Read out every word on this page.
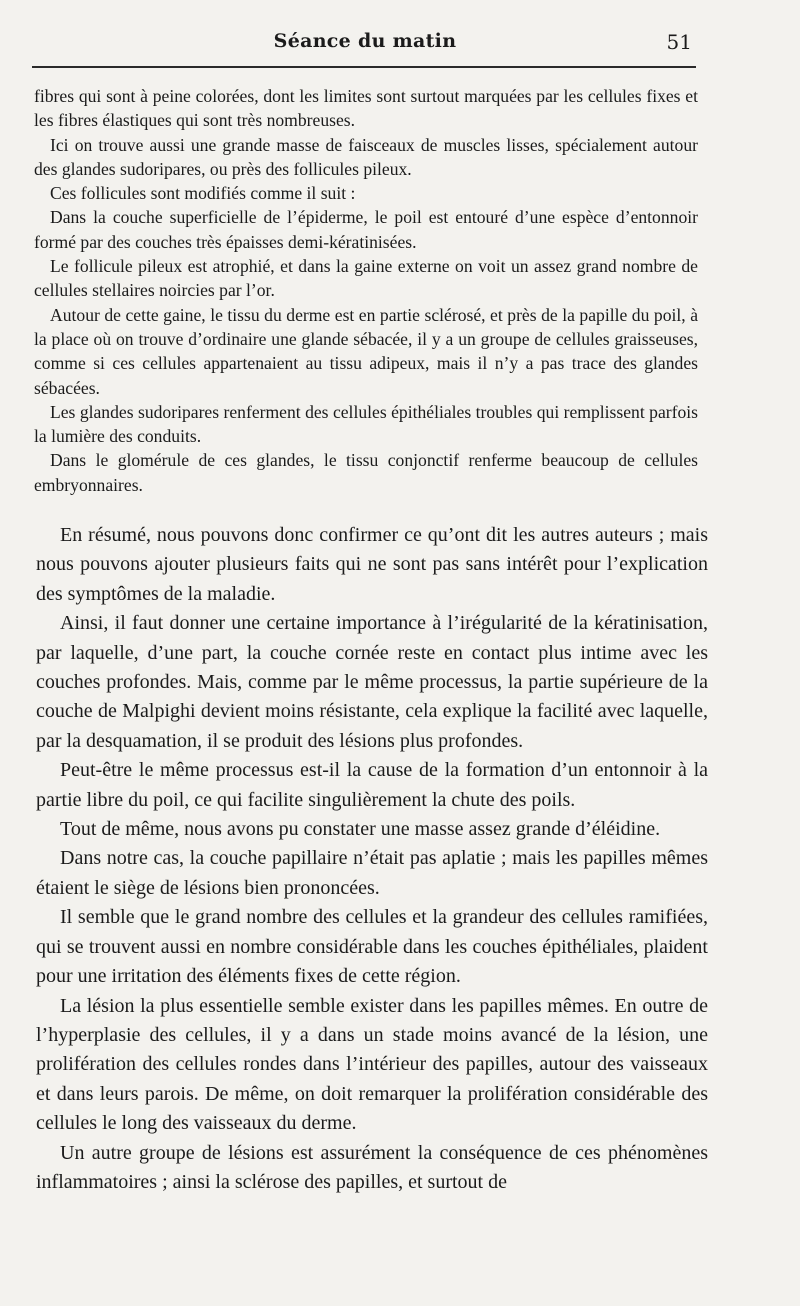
Séance du matin	51

fibres qui sont à peine colorées, dont les limites sont surtout marquées par les cellules fixes et les fibres élastiques qui sont très nombreuses.

Ici on trouve aussi une grande masse de faisceaux de muscles lisses, spécialement autour des glandes sudoripares, ou près des follicules pileux.

Ces follicules sont modifiés comme il suit :

Dans la couche superficielle de l’épiderme, le poil est entouré d’une espèce d’entonnoir formé par des couches très épaisses demi-kératinisées.

Le follicule pileux est atrophié, et dans la gaine externe on voit un assez grand nombre de cellules stellaires noircies par l’or.

Autour de cette gaine, le tissu du derme est en partie sclérosé, et près de la papille du poil, à la place où on trouve d’ordinaire une glande sébacée, il y a un groupe de cellules graisseuses, comme si ces cellules appartenaient au tissu adipeux, mais il n’y a pas trace des glandes sébacées.

Les glandes sudoripares renferment des cellules épithéliales troubles qui remplissent parfois la lumière des conduits.

Dans le glomérule de ces glandes, le tissu conjonctif renferme beaucoup de cellules embryonnaires.

En résumé, nous pouvons donc confirmer ce qu’ont dit les autres auteurs ; mais nous pouvons ajouter plusieurs faits qui ne sont pas sans intérêt pour l’explication des symptômes de la maladie.

Ainsi, il faut donner une certaine importance à l’irégularité de la kératinisation, par laquelle, d’une part, la couche cornée reste en contact plus intime avec les couches profondes. Mais, comme par le même processus, la partie supérieure de la couche de Malpighi devient moins résistante, cela explique la facilité avec laquelle, par la desquamation, il se produit des lésions plus profondes.

Peut-être le même processus est-il la cause de la formation d’un entonnoir à la partie libre du poil, ce qui facilite singulièrement la chute des poils.

Tout de même, nous avons pu constater une masse assez grande d’éléidine.

Dans notre cas, la couche papillaire n’était pas aplatie ; mais les papilles mêmes étaient le siège de lésions bien prononcées.

Il semble que le grand nombre des cellules et la grandeur des cellules ramifiées, qui se trouvent aussi en nombre considérable dans les couches épithéliales, plaident pour une irritation des éléments fixes de cette région.

La lésion la plus essentielle semble exister dans les papilles mêmes. En outre de l’hyperplasie des cellules, il y a dans un stade moins avancé de la lésion, une prolifération des cellules rondes dans l’intérieur des papilles, autour des vaisseaux et dans leurs parois. De même, on doit remarquer la prolifération considérable des cellules le long des vaisseaux du derme.

Un autre groupe de lésions est assurément la conséquence de ces phénomènes inflammatoires ; ainsi la sclérose des papilles, et surtout de
